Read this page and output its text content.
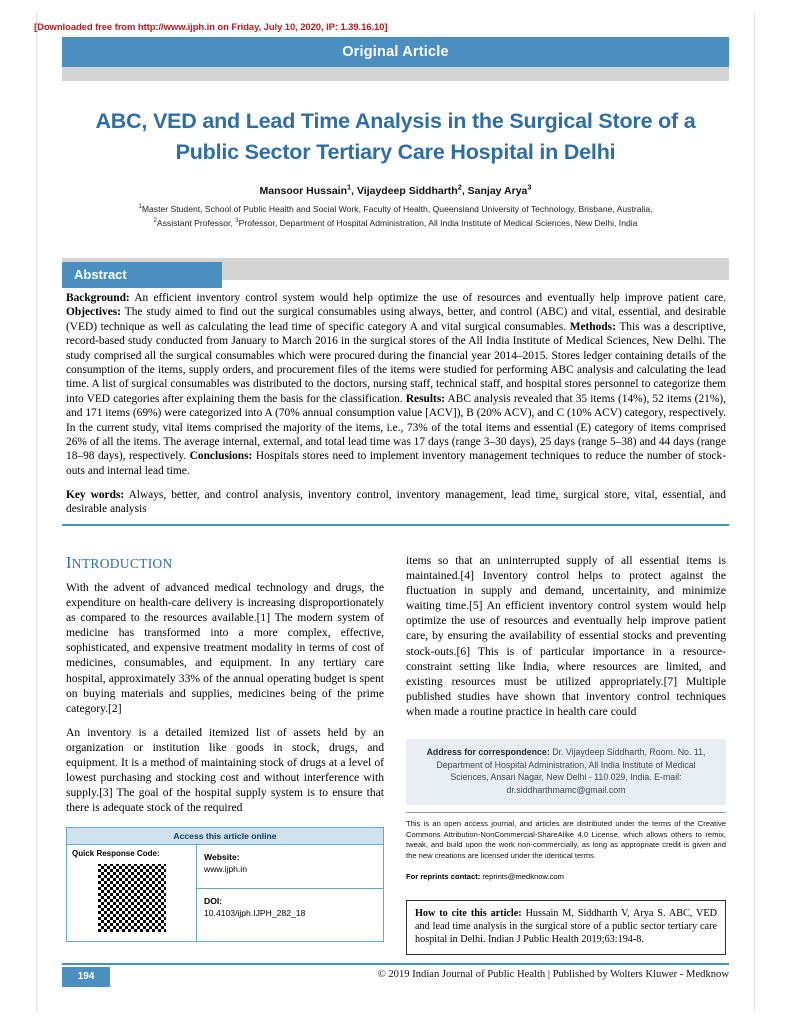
[Downloaded free from http://www.ijph.in on Friday, July 10, 2020, IP: 1.39.16.10]
Original Article
ABC, VED and Lead Time Analysis in the Surgical Store of a Public Sector Tertiary Care Hospital in Delhi
Mansoor Hussain$^1$, Vijaydeep Siddharth$^2$, Sanjay Arya$^3$
$^1$Master Student, School of Public Health and Social Work, Faculty of Health, Queensland University of Technology, Brisbane, Australia,
$^2$Assistant Professor, $^3$Professor, Department of Hospital Administration, All India Institute of Medical Sciences, New Delhi, India
Abstract
Background: An efficient inventory control system would help optimize the use of resources and eventually help improve patient care. Objectives: The study aimed to find out the surgical consumables using always, better, and control (ABC) and vital, essential, and desirable (VED) technique as well as calculating the lead time of specific category A and vital surgical consumables. Methods: This was a descriptive, record-based study conducted from January to March 2016 in the surgical stores of the All India Institute of Medical Sciences, New Delhi. The study comprised all the surgical consumables which were procured during the financial year 2014–2015. Stores ledger containing details of the consumption of the items, supply orders, and procurement files of the items were studied for performing ABC analysis and calculating the lead time. A list of surgical consumables was distributed to the doctors, nursing staff, technical staff, and hospital stores personnel to categorize them into VED categories after explaining them the basis for the classification. Results: ABC analysis revealed that 35 items (14%), 52 items (21%), and 171 items (69%) were categorized into A (70% annual consumption value [ACV]), B (20% ACV), and C (10% ACV) category, respectively. In the current study, vital items comprised the majority of the items, i.e., 73% of the total items and essential (E) category of items comprised 26% of all the items. The average internal, external, and total lead time was 17 days (range 3–30 days), 25 days (range 5–38) and 44 days (range 18–98 days), respectively. Conclusions: Hospitals stores need to implement inventory management techniques to reduce the number of stock-outs and internal lead time.
Key words: Always, better, and control analysis, inventory control, inventory management, lead time, surgical store, vital, essential, and desirable analysis
INTRODUCTION

With the advent of advanced medical technology and drugs, the expenditure on health-care delivery is increasing disproportionately as compared to the resources available.[1] The modern system of medicine has transformed into a more complex, effective, sophisticated, and expensive treatment modality in terms of cost of medicines, consumables, and equipment. In any tertiary care hospital, approximately 33% of the annual operating budget is spent on buying materials and supplies, medicines being of the prime category.[2]

An inventory is a detailed itemized list of assets held by an organization or institution like goods in stock, drugs, and equipment. It is a method of maintaining stock of drugs at a level of lowest purchasing and stocking cost and without interference with supply.[3] The goal of the hospital supply system is to ensure that there is adequate stock of the required

items so that an uninterrupted supply of all essential items is maintained.[4] Inventory control helps to protect against the fluctuation in supply and demand, uncertainity, and minimize waiting time.[5] An efficient inventory control system would help optimize the use of resources and eventually help improve patient care, by ensuring the availability of essential stocks and preventing stock-outs.[6] This is of particular importance in a resource-constraint setting like India, where resources are limited, and existing resources must be utilized appropriately.[7] Multiple published studies have shown that inventory control techniques when made a routine practice in health care could

Address for correspondence: Dr. Vijaydeep Siddharth, Room. No. 11, Department of Hospital Administration, All India Institute of Medical Sciences, Ansari Nagar, New Delhi - 110 029, India. E-mail: dr.siddharthmamc@gmail.com
This is an open access journal, and articles are distributed under the terms of the Creative Commons Attribution-NonCommercial-ShareAlike 4.0 License, which allows others to remix, tweak, and build upon the work non-commercially, as long as appropriate credit is given and the new creations are licensed under the identical terms.
For reprints contact: reprints@medknow.com
How to cite this article: Hussain M, Siddharth V, Arya S. ABC, VED and lead time analysis in the surgical store of a public sector tertiary care hospital in Delhi. Indian J Public Health 2019;63:194-8.
Access this article online
Quick Response Code:	Website:
www.ijph.in
DOI:
10.4103/ijph.IJPH_282_18
194	© 2019 Indian Journal of Public Health | Published by Wolters Kluwer - Medknow
